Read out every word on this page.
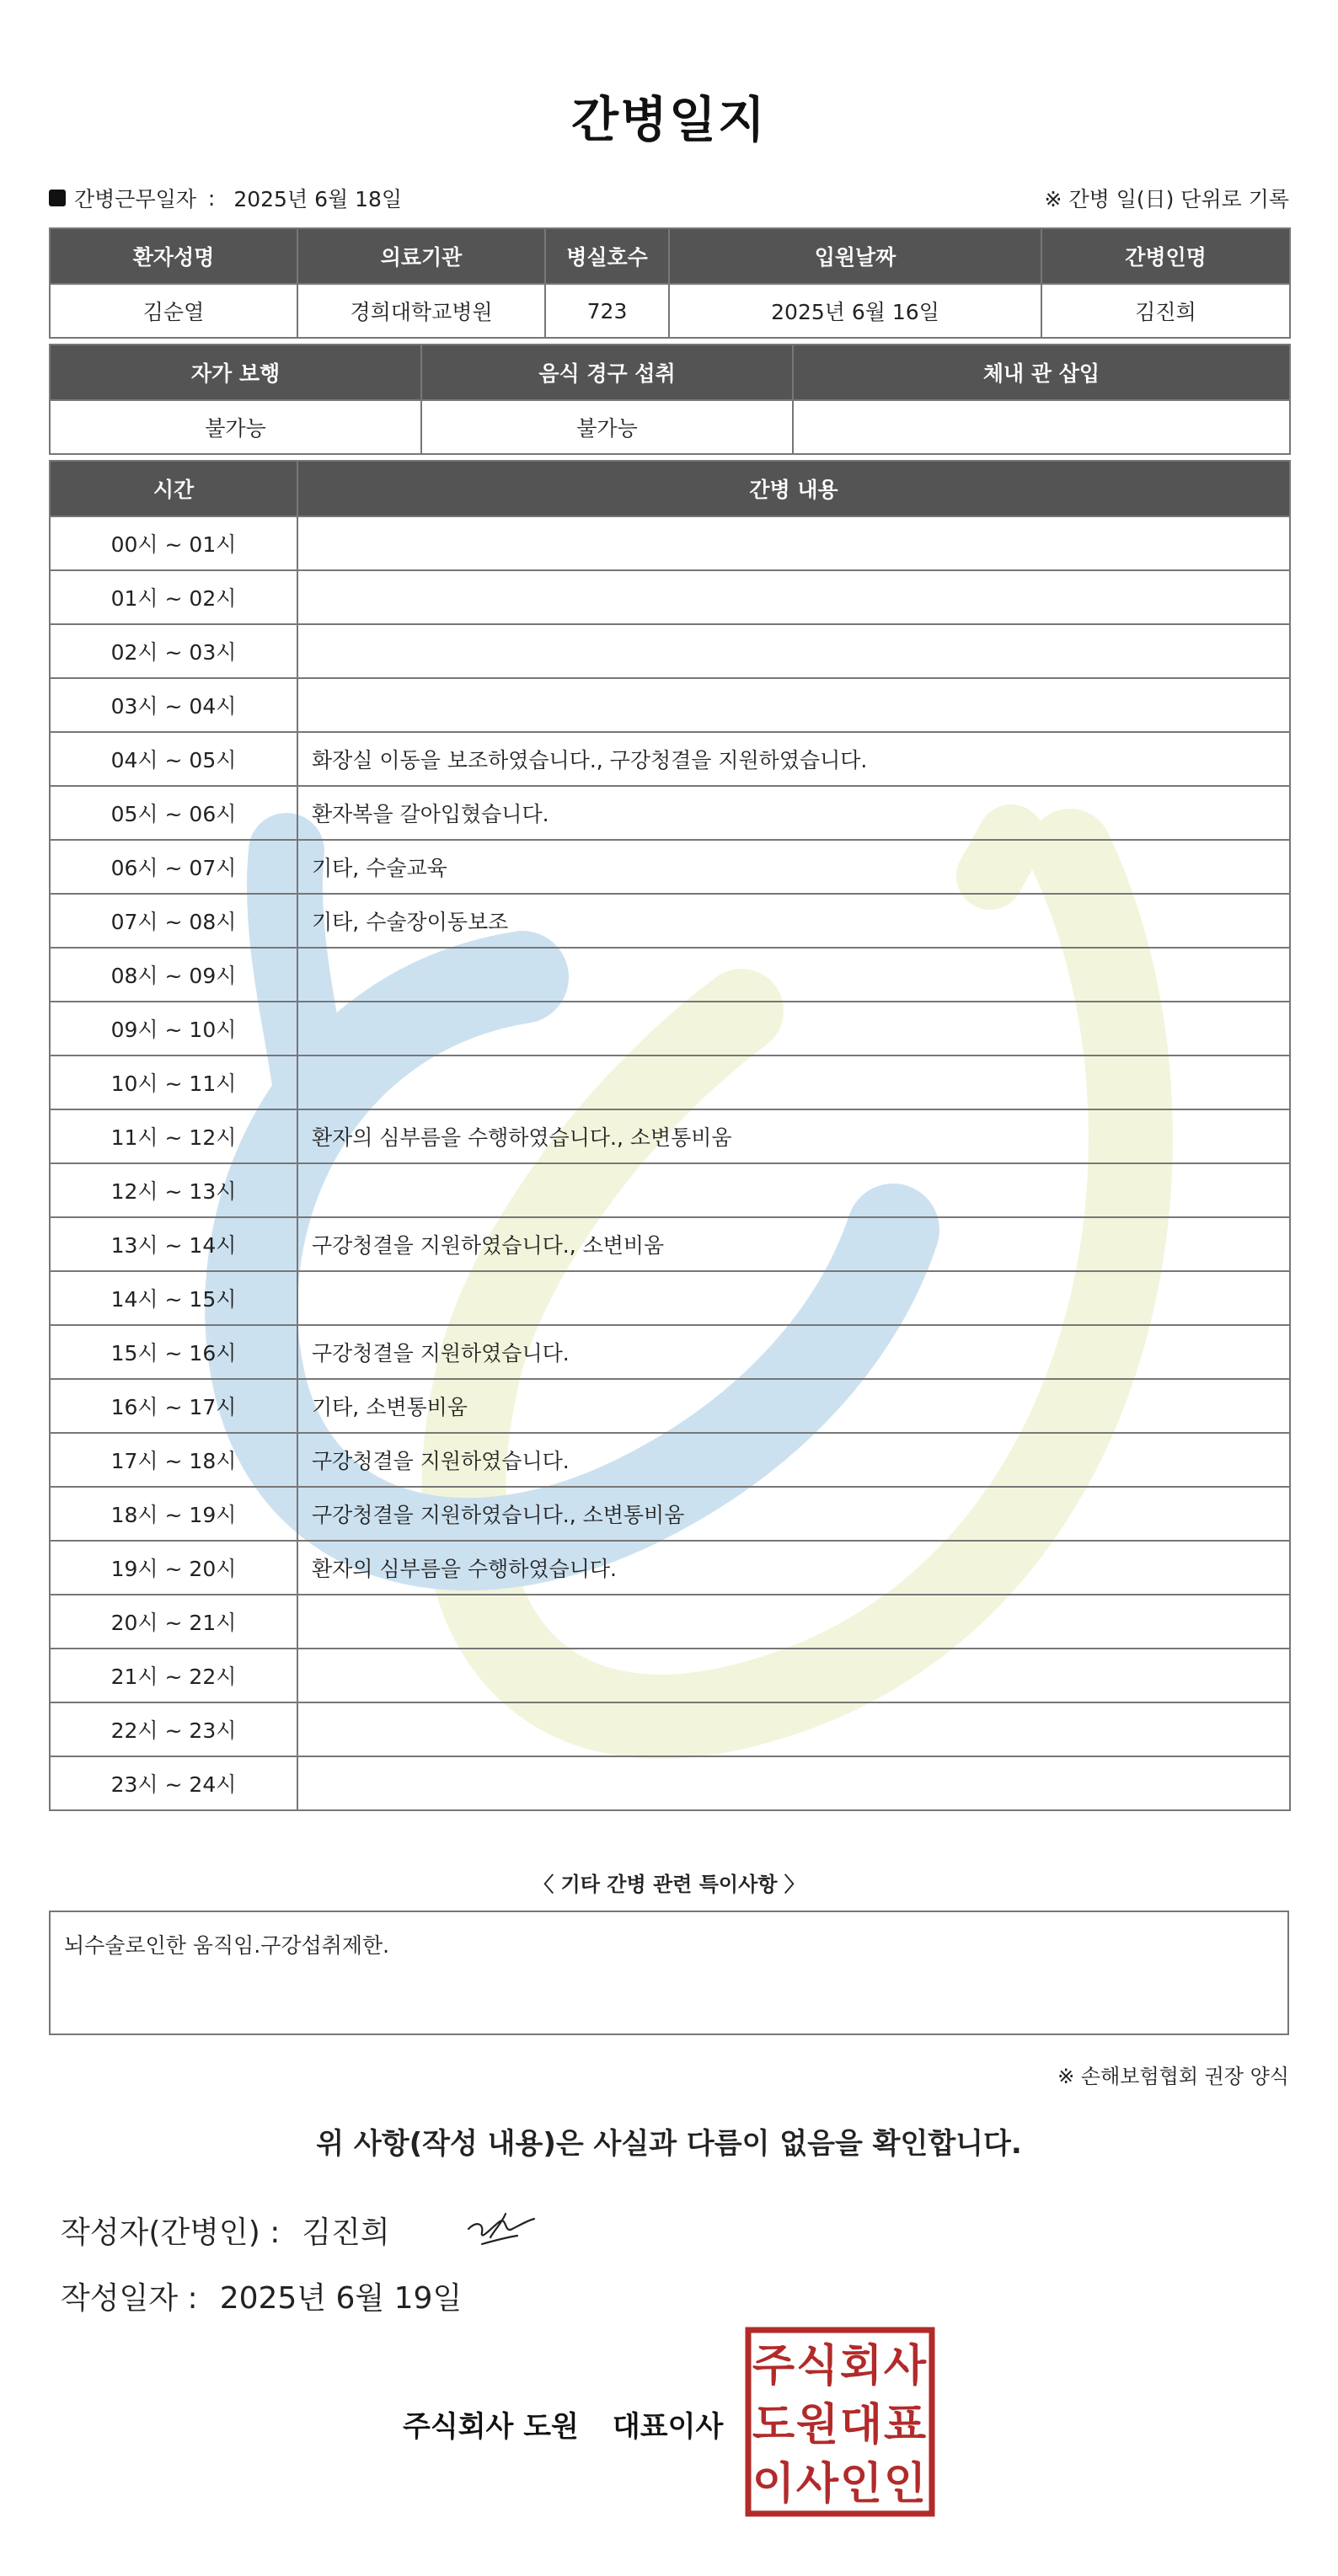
간병일지
간병근무일자 : 2025년 6월 18일	※ 간병 일(日) 단위로 기록
환자성명	의료기관	병실호수	입원날짜	간병인명
김순열	경희대학교병원	723	2025년 6월 16일	김진희
자가 보행	음식 경구 섭취	체내 관 삽입
불가능	불가능	
시간	간병 내용
00시 ~ 01시	
01시 ~ 02시	
02시 ~ 03시	
03시 ~ 04시	
04시 ~ 05시	화장실 이동을 보조하였습니다., 구강청결을 지원하였습니다.
05시 ~ 06시	환자복을 갈아입혔습니다.
06시 ~ 07시	기타, 수술교육
07시 ~ 08시	기타, 수술장이동보조
08시 ~ 09시	
09시 ~ 10시	
10시 ~ 11시	
11시 ~ 12시	환자의 심부름을 수행하였습니다., 소변통비움
12시 ~ 13시	
13시 ~ 14시	구강청결을 지원하였습니다., 소변비움
14시 ~ 15시	
15시 ~ 16시	구강청결을 지원하였습니다.
16시 ~ 17시	기타, 소변통비움
17시 ~ 18시	구강청결을 지원하였습니다.
18시 ~ 19시	구강청결을 지원하였습니다., 소변통비움
19시 ~ 20시	환자의 심부름을 수행하였습니다.
20시 ~ 21시	
21시 ~ 22시	
22시 ~ 23시	
23시 ~ 24시	
〈 기타 간병 관련 특이사항 〉
뇌수술로인한 움직임.구강섭취제한.
※ 손해보험협회 권장 양식
위 사항(작성 내용)은 사실과 다름이 없음을 확인합니다.
작성자(간병인) : 김진희
작성일자 : 2025년 6월 19일
주식회사 도원 대표이사
주 식 회 사
도 원 대 표
이 사 인 인
